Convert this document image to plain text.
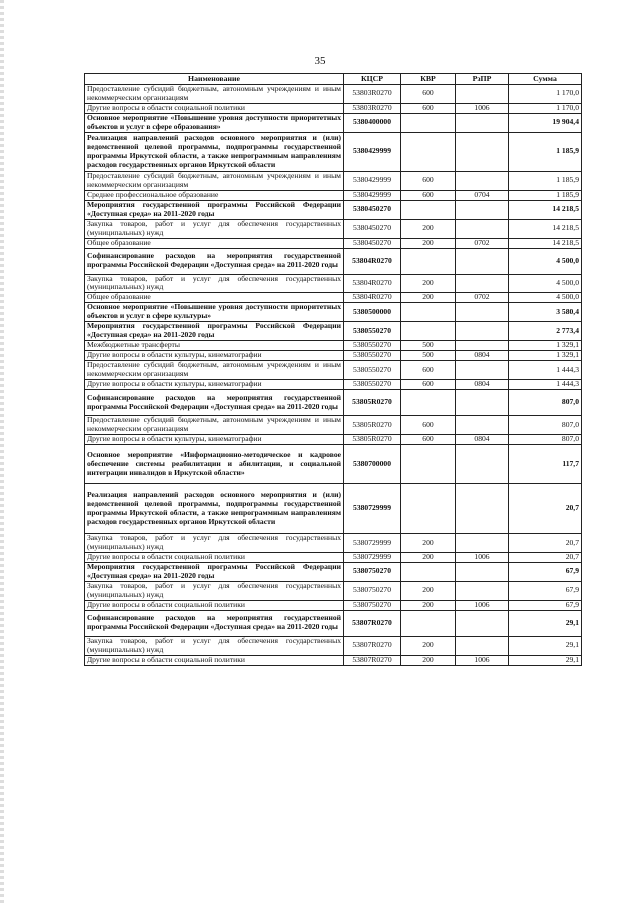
35
Наименование	КЦСР	КВР	РзПР	Сумма
Предоставление субсидий бюджетным, автономным учреждениям и иным некоммерческим организациям	53803R0270	600		1 170,0
Другие вопросы в области социальной политики	53803R0270	600	1006	1 170,0
Основное мероприятие «Повышение уровня доступности приоритетных объектов и услуг в сфере образования»	5380400000			19 904,4
Реализация направлений расходов основного мероприятия и (или) ведомственной целевой программы, подпрограммы государственной программы Иркутской области, а также непрограммным направлениям расходов государственных органов Иркутской области	5380429999			1 185,9
Предоставление субсидий бюджетным, автономным учреждениям и иным некоммерческим организациям	5380429999	600		1 185,9
Среднее профессиональное образование	5380429999	600	0704	1 185,9
Мероприятия государственной программы Российской Федерации «Доступная среда» на 2011-2020 годы	5380450270			14 218,5
Закупка товаров, работ и услуг для обеспечения государственных (муниципальных) нужд	5380450270	200		14 218,5
Общее образование	5380450270	200	0702	14 218,5
Софинансирование расходов на мероприятия государственной программы Российской Федерации «Доступная среда» на 2011-2020 годы	53804R0270			4 500,0
Закупка товаров, работ и услуг для обеспечения государственных (муниципальных) нужд	53804R0270	200		4 500,0
Общее образование	53804R0270	200	0702	4 500,0
Основное мероприятие «Повышение уровня доступности приоритетных объектов и услуг в сфере культуры»	5380500000			3 580,4
Мероприятия государственной программы Российской Федерации «Доступная среда» на 2011-2020 годы	5380550270			2 773,4
Межбюджетные трансферты	5380550270	500		1 329,1
Другие вопросы в области культуры, кинематографии	5380550270	500	0804	1 329,1
Предоставление субсидий бюджетным, автономным учреждениям и иным некоммерческим организациям	5380550270	600		1 444,3
Другие вопросы в области культуры, кинематографии	5380550270	600	0804	1 444,3
Софинансирование расходов на мероприятия государственной программы Российской Федерации «Доступная среда» на 2011-2020 годы	53805R0270			807,0
Предоставление субсидий бюджетным, автономным учреждениям и иным некоммерческим организациям	53805R0270	600		807,0
Другие вопросы в области культуры, кинематографии	53805R0270	600	0804	807,0
Основное мероприятие «Информационно-методическое и кадровое обеспечение системы реабилитации и абилитации, и социальной интеграции инвалидов в Иркутской области»	5380700000			117,7
Реализация направлений расходов основного мероприятия и (или) ведомственной целевой программы, подпрограммы государственной программы Иркутской области, а также непрограммным направлениям расходов государственных органов Иркутской области	5380729999			20,7
Закупка товаров, работ и услуг для обеспечения государственных (муниципальных) нужд	5380729999	200		20,7
Другие вопросы в области социальной политики	5380729999	200	1006	20,7
Мероприятия государственной программы Российской Федерации «Доступная среда» на 2011-2020 годы	5380750270			67,9
Закупка товаров, работ и услуг для обеспечения государственных (муниципальных) нужд	5380750270	200		67,9
Другие вопросы в области социальной политики	5380750270	200	1006	67,9
Софинансирование расходов на мероприятия государственной программы Российской Федерации «Доступная среда» на 2011-2020 годы	53807R0270			29,1
Закупка товаров, работ и услуг для обеспечения государственных (муниципальных) нужд	53807R0270	200		29,1
Другие вопросы в области социальной политики	53807R0270	200	1006	29,1
